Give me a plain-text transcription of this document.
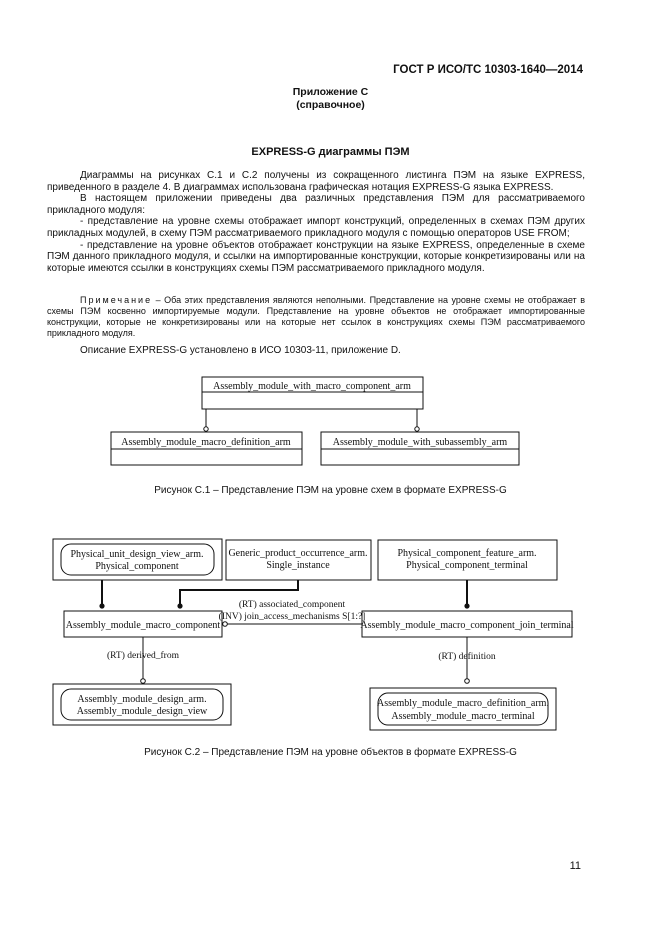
ГОСТ Р ИСО/ТС 10303-1640—2014
Приложение С
(справочное)
EXPRESS-G диаграммы ПЭМ

Диаграммы на рисунках С.1 и С.2 получены из сокращенного листинга ПЭМ на языке EXPRESS, приведенного в разделе 4. В диаграммах использована графическая нотация EXPRESS-G языка EXPRESS.

В настоящем приложении приведены два различных представления ПЭМ для рассматриваемого прикладного модуля:

- представление на уровне схемы отображает импорт конструкций, определенных в схемах ПЭМ других прикладных модулей, в схему ПЭМ рассматриваемого прикладного модуля с помощью операторов USE FROM;

- представление на уровне объектов отображает конструкции на языке EXPRESS, определенные в схеме ПЭМ данного прикладного модуля, и ссылки на импортированные конструкции, которые конкретизированы или на которые имеются ссылки в конструкциях схемы ПЭМ рассматриваемого прикладного модуля.

Примечание – Оба этих представления являются неполными. Представление на уровне схемы не отображает в схемы ПЭМ косвенно импортируемые модули. Представление на уровне объектов не отображает импортированные конструкции, которые не конкретизированы или на которые нет ссылок в конструкциях схемы ПЭМ рассматриваемого прикладного модуля.

Описание EXPRESS-G установлено в ИСО 10303-11, приложение D.

Assembly_module_with_macro_component_arm
Assembly_module_macro_definition_arm	Assembly_module_with_subassembly_arm
Рисунок С.1 – Представление ПЭМ на уровне схем в формате EXPRESS-G
Physical_unit_design_view_arm.
Physical_component
Generic_product_occurrence_arm.
Single_instance
Physical_component_feature_arm.
Physical_component_terminal
Assembly_module_macro_component	Assembly_module_macro_component_join_terminal
(RT) associated_component
(INV) join_access_mechanisms S[1:?]
(RT) derived_from	(RT) definition
Assembly_module_design_arm.
Assembly_module_design_view
Assembly_module_macro_definition_arm.
Assembly_module_macro_terminal
Рисунок С.2 – Представление ПЭМ на уровне объектов в формате EXPRESS-G
11
